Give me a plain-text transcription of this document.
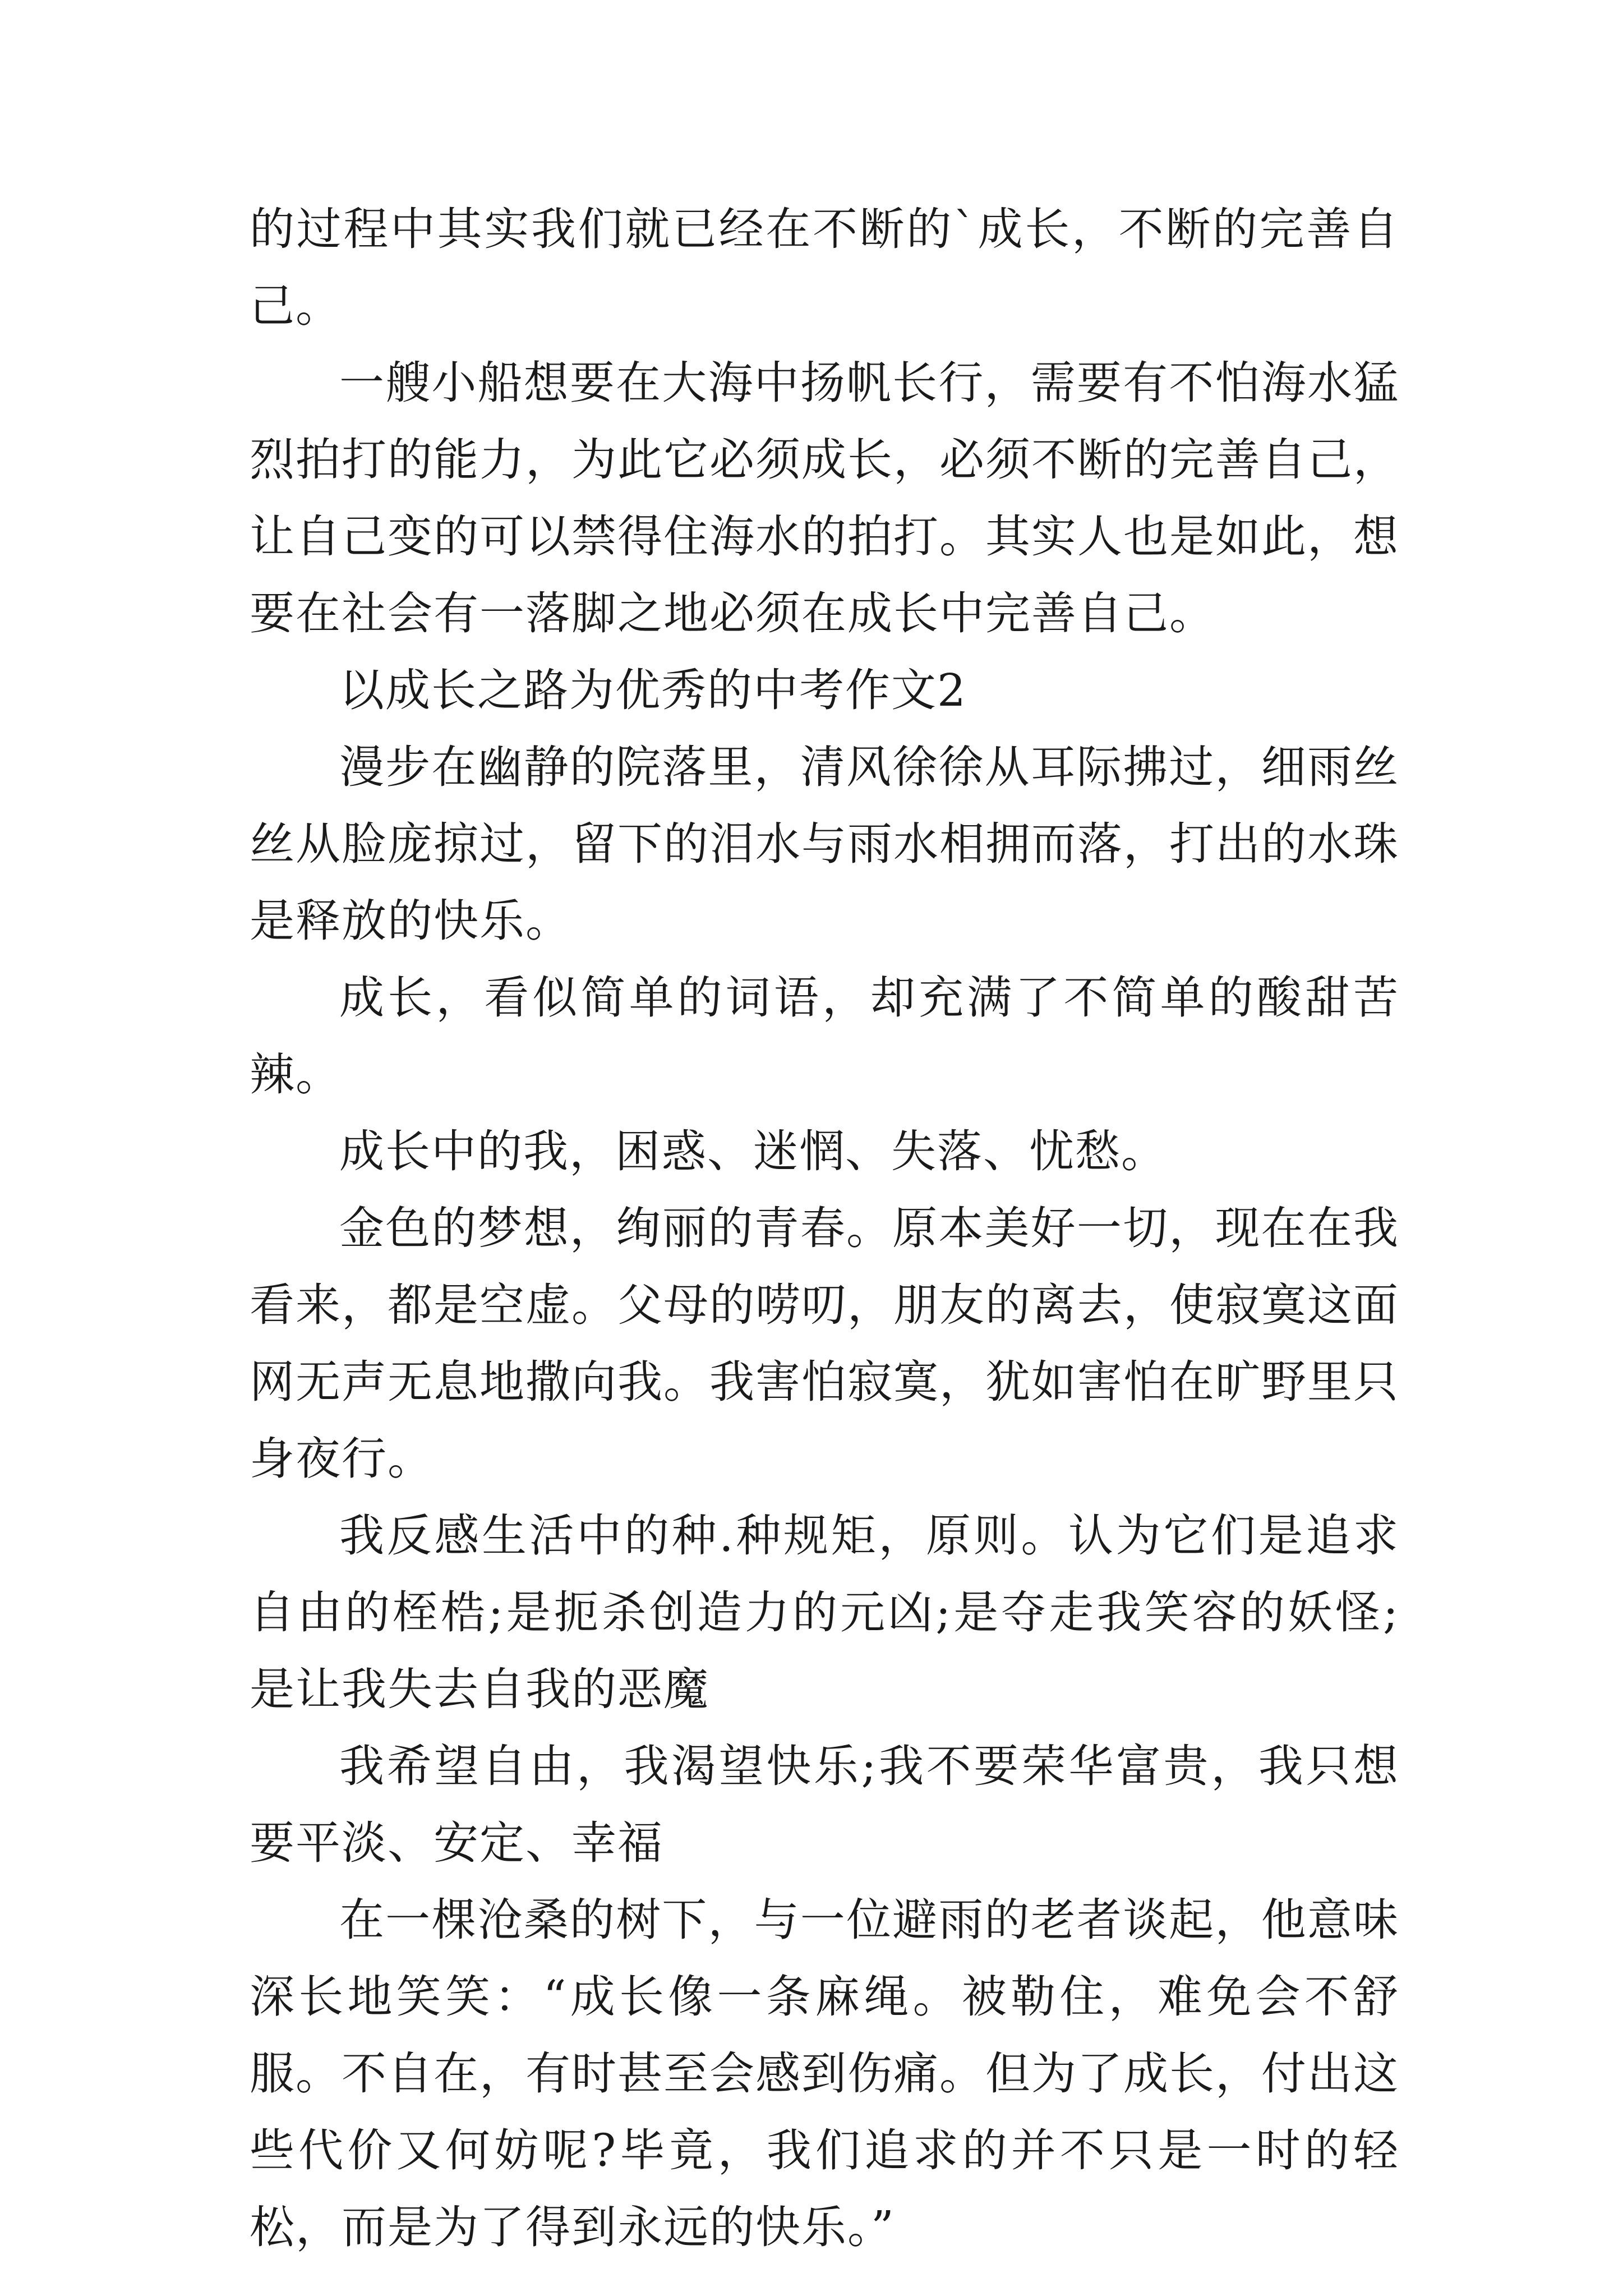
的过程中其实我们就已经在不断的`成长，不断的完善自己。

一艘小船想要在大海中扬帆长行，需要有不怕海水猛烈拍打的能力，为此它必须成长，必须不断的完善自己，让自己变的可以禁得住海水的拍打。其实人也是如此，想要在社会有一落脚之地必须在成长中完善自己。

以成长之路为优秀的中考作文2

漫步在幽静的院落里，清风徐徐从耳际拂过，细雨丝丝从脸庞掠过，留下的泪水与雨水相拥而落，打出的水珠是释放的快乐。

成长，看似简单的词语，却充满了不简单的酸甜苦辣。

成长中的我，困惑、迷惘、失落、忧愁。

金色的梦想，绚丽的青春。原本美好一切，现在在我看来，都是空虚。父母的唠叨，朋友的离去，使寂寞这面网无声无息地撒向我。我害怕寂寞，犹如害怕在旷野里只身夜行。

我反感生活中的种.种规矩，原则。认为它们是追求自由的桎梏;是扼杀创造力的元凶;是夺走我笑容的妖怪;是让我失去自我的恶魔

我希望自由，我渴望快乐;我不要荣华富贵，我只想要平淡、安定、幸福

在一棵沧桑的树下，与一位避雨的老者谈起，他意味深长地笑笑：“成长像一条麻绳。被勒住，难免会不舒服。不自在，有时甚至会感到伤痛。但为了成长，付出这些代价又何妨呢?毕竟，我们追求的并不只是一时的轻松，而是为了得到永远的快乐。”
